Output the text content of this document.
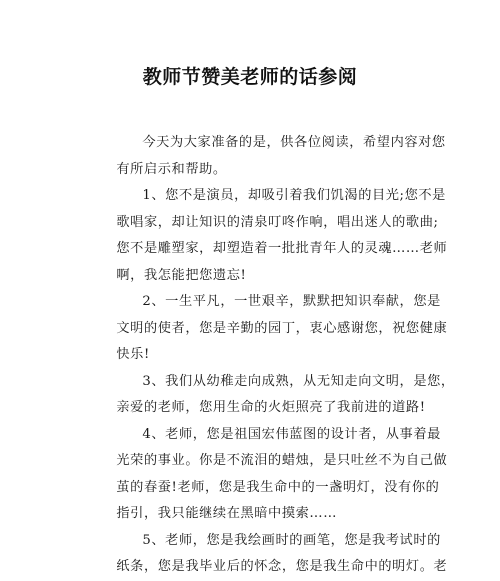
教师节赞美老师的话参阅
今天为大家准备的是，供各位阅读，希望内容对您
有所启示和帮助。
1、您不是演员，却吸引着我们饥渴的目光;您不是
歌唱家，却让知识的清泉叮咚作响，唱出迷人的歌曲;
您不是雕塑家，却塑造着一批批青年人的灵魂……老师
啊，我怎能把您遗忘!
2、一生平凡，一世艰辛，默默把知识奉献，您是
文明的使者，您是辛勤的园丁，衷心感谢您，祝您健康
快乐!
3、我们从幼稚走向成熟，从无知走向文明，是您，
亲爱的老师，您用生命的火炬照亮了我前进的道路!
4、老师，您是祖国宏伟蓝图的设计者，从事着最
光荣的事业。你是不流泪的蜡烛，是只吐丝不为自己做
茧的春蚕!老师，您是我生命中的一盏明灯，没有你的
指引，我只能继续在黑暗中摸索……
5、老师，您是我绘画时的画笔，您是我考试时的
纸条，您是我毕业后的怀念，您是我生命中的明灯。老
